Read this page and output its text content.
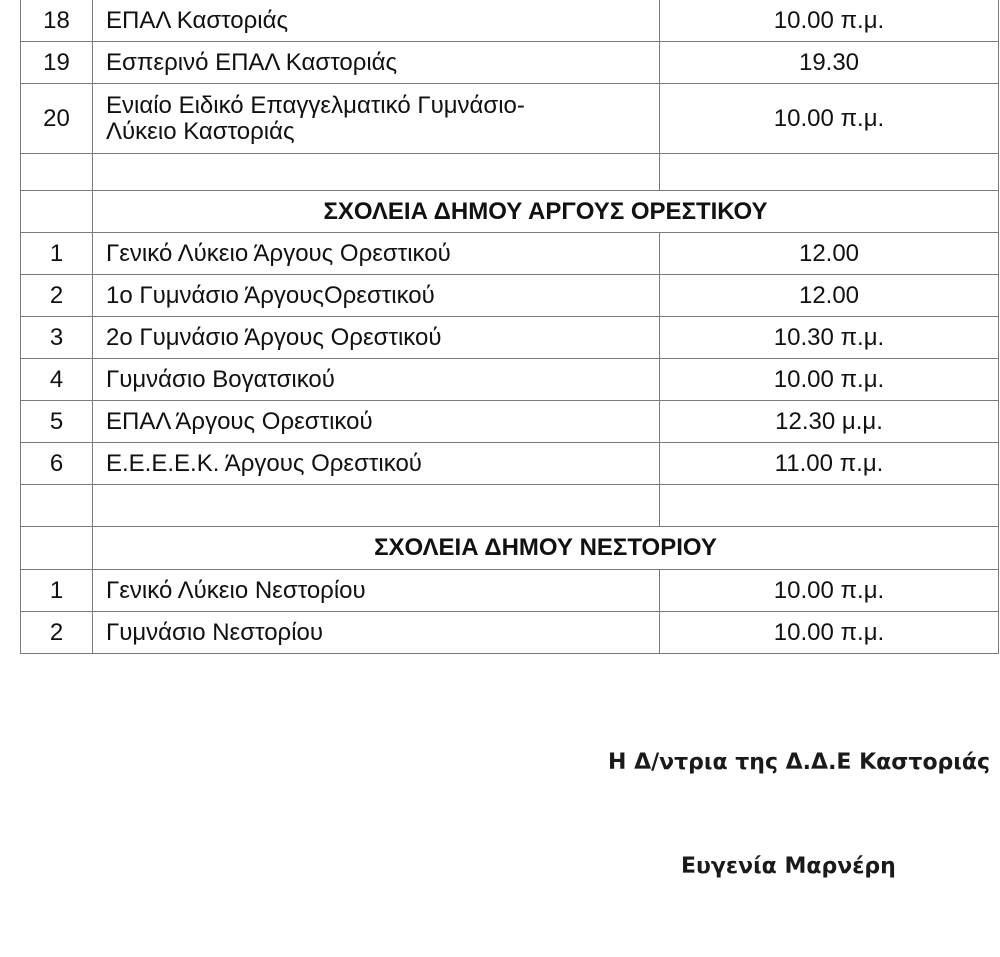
18	ΕΠΑΛ Καστοριάς	10.00 π.μ.
19	Εσπερινό ΕΠΑΛ Καστοριάς	19.30
20	Ενιαίο Ειδικό Επαγγελματικό Γυμνάσιο-
Λύκειο Καστοριάς	10.00 π.μ.

	ΣΧΟΛΕΙΑ ΔΗΜΟΥ ΑΡΓΟΥΣ ΟΡΕΣΤΙΚΟΥ	
1	Γενικό Λύκειο Άργους Ορεστικού	12.00
2	1ο Γυμνάσιο ΆργουςΟρεστικού	12.00
3	2ο Γυμνάσιο Άργους Ορεστικού	10.30 π.μ.
4	Γυμνάσιο Βογατσικού	10.00 π.μ.
5	ΕΠΑΛ Άργους Ορεστικού	12.30 μ.μ.
6	Ε.Ε.Ε.Ε.Κ. Άργους Ορεστικού	11.00 π.μ.

	ΣΧΟΛΕΙΑ ΔΗΜΟΥ ΝΕΣΤΟΡΙΟΥ	
1	Γενικό Λύκειο Νεστορίου	10.00 π.μ.
2	Γυμνάσιο Νεστορίου	10.00 π.μ.
Η Δ/ντρια της Δ.Δ.Ε Καστοριάς
Ευγενία Μαρνέρη
